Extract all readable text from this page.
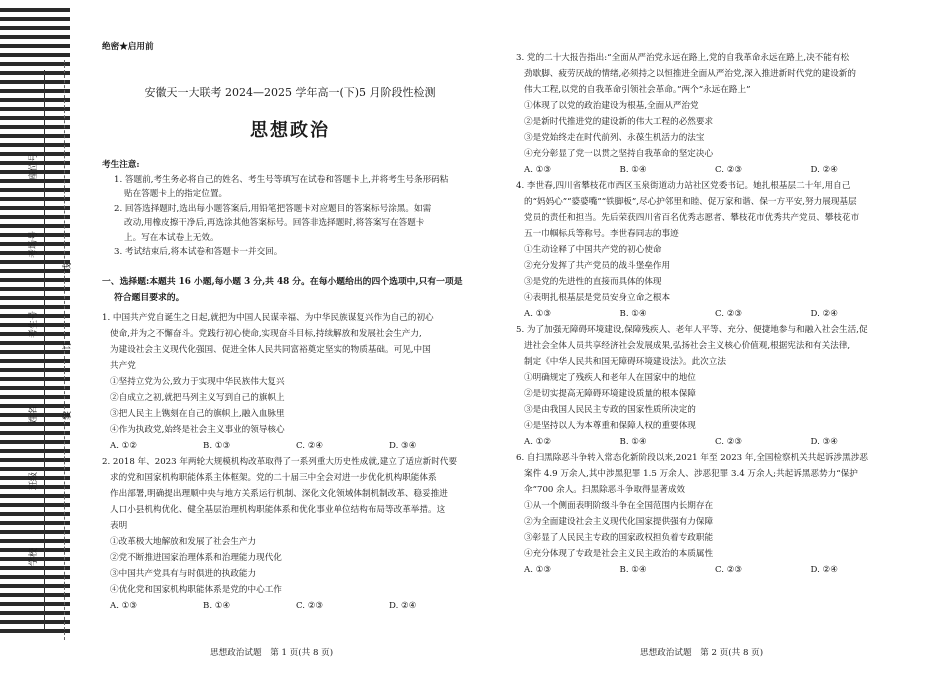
座位号
考场号
考生号
姓名
班级
学校
线
订
装
绝密★启用前
安徽天一大联考 2024—2025 学年高一(下)5 月阶段性检测
思想政治
考生注意:
1. 答题前,考生务必将自己的姓名、考生号等填写在试卷和答题卡上,并将考生号条形码粘
贴在答题卡上的指定位置。
2. 回答选择题时,选出每小题答案后,用铅笔把答题卡对应题目的答案标号涂黑。如需
改动,用橡皮擦干净后,再选涂其他答案标号。回答非选择题时,将答案写在答题卡
上。写在本试卷上无效。
3. 考试结束后,将本试卷和答题卡一并交回。
一、选择题:本题共 16 小题,每小题 3 分,共 48 分。在每小题给出的四个选项中,只有一项是
符合题目要求的。

1. 中国共产党自诞生之日起,就把为中国人民谋幸福、为中华民族谋复兴作为自己的初心

使命,并为之不懈奋斗。党践行初心使命,实现奋斗目标,持续解放和发展社会生产力,

为建设社会主义现代化强国、促进全体人民共同富裕奠定坚实的物质基础。可见,中国

共产党

①坚持立党为公,致力于实现中华民族伟大复兴

②自成立之初,就把马列主义写到自己的旗帜上

③把人民主上镌刻在自己的旗帜上,融入血脉里

④作为执政党,始终是社会主义事业的领导核心

A. ①②	B. ①③	C. ②④	D. ③④

2. 2018 年、2023 年两轮大规模机构改革取得了一系列重大历史性成就,建立了适应新时代要

求的党和国家机构职能体系主体框架。党的二十届三中全会对进一步优化机构职能体系

作出部署,明确提出理顺中央与地方关系运行机制、深化文化领域体制机制改革、稳妥推进

人口小县机构优化、健全基层治理机构职能体系和优化事业单位结构布局等改革举措。这

表明

①改革极大地解放和发展了社会生产力

②党不断推进国家治理体系和治理能力现代化

③中国共产党具有与时俱进的执政能力

④优化党和国家机构职能体系是党的中心工作

A. ①③	B. ①④	C. ②③	D. ②④

3. 党的二十大报告指出:“全面从严治党永远在路上,党的自我革命永远在路上,决不能有松

劲歇脚、疲劳厌战的情绪,必须持之以恒推进全面从严治党,深入推进新时代党的建设新的

伟大工程,以党的自我革命引领社会革命。”两个“永远在路上”

①体现了以党的政治建设为根基,全面从严治党

②是新时代推进党的建设新的伟大工程的必然要求

③是党始终走在时代前列、永葆生机活力的法宝

④充分彰显了党一以贯之坚持自我革命的坚定决心

A. ①③	B. ①④	C. ②③	D. ②④

4. 李世春,四川省攀枝花市西区玉泉街道动力站社区党委书记。她扎根基层二十年,用自己

的“妈妈心”“婆婆嘴”“铁脚板”,尽心护邻里和睦、促万家和谐、保一方平安,努力展现基层

党员的责任和担当。先后荣获四川省百名优秀志愿者、攀枝花市优秀共产党员、攀枝花市

五一巾帼标兵等称号。李世春同志的事迹

①生动诠释了中国共产党的初心使命

②充分发挥了共产党员的战斗堡垒作用

③是党的先进性的直接而具体的体现

④表明扎根基层是党员安身立命之根本

A. ①③	B. ①④	C. ②③	D. ②④

5. 为了加强无障碍环境建设,保障残疾人、老年人平等、充分、便捷地参与和融入社会生活,促

进社会全体人员共享经济社会发展成果,弘扬社会主义核心价值观,根据宪法和有关法律,

制定《中华人民共和国无障碍环境建设法》。此次立法

①明确规定了残疾人和老年人在国家中的地位

②是切实提高无障碍环境建设质量的根本保障

③是由我国人民民主专政的国家性质所决定的

④是坚持以人为本尊重和保障人权的重要体现

A. ①②	B. ①④	C. ②③	D. ③④

6. 自扫黑除恶斗争转入常态化新阶段以来,2021 年至 2023 年,全国检察机关共起诉涉黑涉恶

案件 4.9 万余人,其中涉黑犯罪 1.5 万余人、涉恶犯罪 3.4 万余人;共起诉黑恶势力“保护

伞”700 余人。扫黑除恶斗争取得显著成效

①从一个侧面表明阶级斗争在全国范围内长期存在

②为全面建设社会主义现代化国家提供强有力保障

③彰显了人民民主专政的国家政权担负着专政职能

④充分体现了专政是社会主义民主政治的本质属性

A. ①③	B. ①④	C. ②③	D. ②④
思想政治试题　第 1 页(共 8 页)	思想政治试题　第 2 页(共 8 页)
